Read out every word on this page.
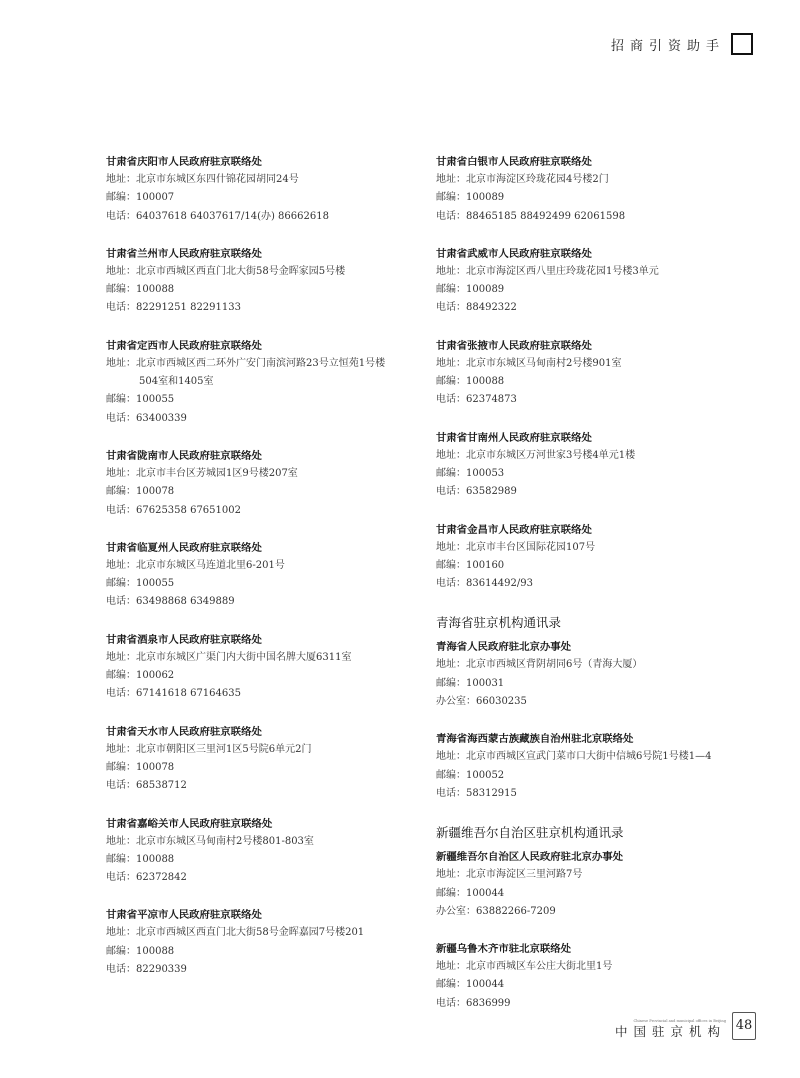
招商引资助手
甘肃省庆阳市人民政府驻京联络处
地址：北京市东城区东四什锦花园胡同24号
邮编：100007
电话：64037618 64037617/14(办) 86662618
甘肃省兰州市人民政府驻京联络处
地址：北京市西城区西直门北大街58号金晖家园5号楼
邮编：100088
电话：82291251 82291133
甘肃省定西市人民政府驻京联络处
地址：北京市西城区西二环外广安门南滨河路23号立恒苑1号楼
504室和1405室
邮编：100055
电话：63400339
甘肃省陇南市人民政府驻京联络处
地址：北京市丰台区芳城园1区9号楼207室
邮编：100078
电话：67625358 67651002
甘肃省临夏州人民政府驻京联络处
地址：北京市东城区马连道北里6-201号
邮编：100055
电话：63498868 6349889
甘肃省酒泉市人民政府驻京联络处
地址：北京市东城区广渠门内大街中国名牌大厦6311室
邮编：100062
电话：67141618 67164635
甘肃省天水市人民政府驻京联络处
地址：北京市朝阳区三里河1区5号院6单元2门
邮编：100078
电话：68538712
甘肃省嘉峪关市人民政府驻京联络处
地址：北京市东城区马甸南村2号楼801-803室
邮编：100088
电话：62372842
甘肃省平凉市人民政府驻京联络处
地址：北京市西城区西直门北大街58号金晖嘉园7号楼201
邮编：100088
电话：82290339
甘肃省白银市人民政府驻京联络处
地址：北京市海淀区玲珑花园4号楼2门
邮编：100089
电话：88465185 88492499 62061598
甘肃省武威市人民政府驻京联络处
地址：北京市海淀区西八里庄玲珑花园1号楼3单元
邮编：100089
电话：88492322
甘肃省张掖市人民政府驻京联络处
地址：北京市东城区马甸南村2号楼901室
邮编：100088
电话：62374873
甘肃省甘南州人民政府驻京联络处
地址：北京市东城区万河世家3号楼4单元1楼
邮编：100053
电话：63582989
甘肃省金昌市人民政府驻京联络处
地址：北京市丰台区国际花园107号
邮编：100160
电话：83614492/93
青海省驻京机构通讯录
青海省人民政府驻北京办事处
地址：北京市西城区背阴胡同6号（青海大厦）
邮编：100031
办公室：66030235
青海省海西蒙古族藏族自治州驻北京联络处
地址：北京市西城区宣武门菜市口大街中信城6号院1号楼1—4
邮编：100052
电话：58312915
新疆维吾尔自治区驻京机构通讯录
新疆维吾尔自治区人民政府驻北京办事处
地址：北京市海淀区三里河路7号
邮编：100044
办公室：63882266-7209
新疆乌鲁木齐市驻北京联络处
地址：北京市西城区车公庄大街北里1号
邮编：100044
电话：6836999
Chinese Provincial and municipal offices in Beijing
中国驻京机构 48
